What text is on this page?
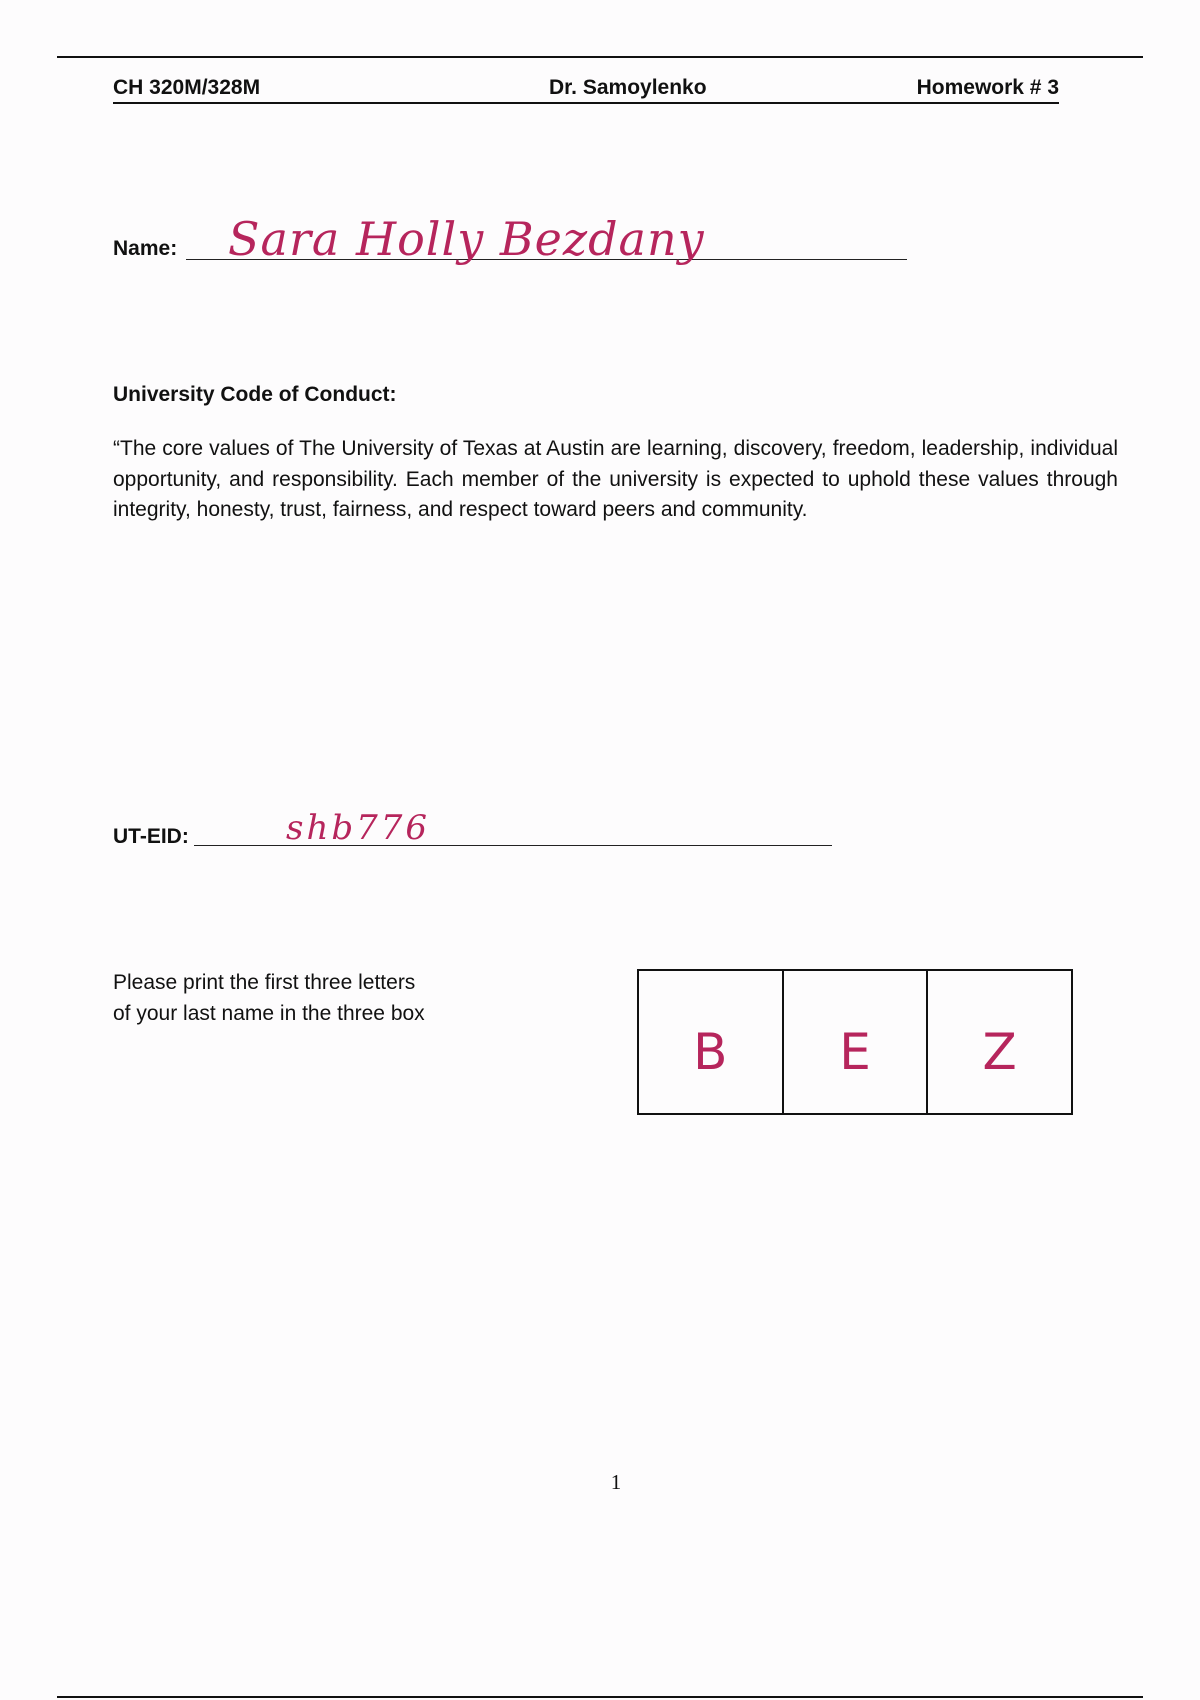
CH 320M/328M	Dr. Samoylenko	Homework # 3
Name: Sara Holly Bezdany
University Code of Conduct:
“The core values of The University of Texas at Austin are learning, discovery, freedom, leadership, individual opportunity, and responsibility. Each member of the university is expected to uphold these values through integrity, honesty, trust, fairness, and respect toward peers and community.
UT-EID:	shb776
Please print the first three letters
of your last name in the three box
B	E	Z
1
